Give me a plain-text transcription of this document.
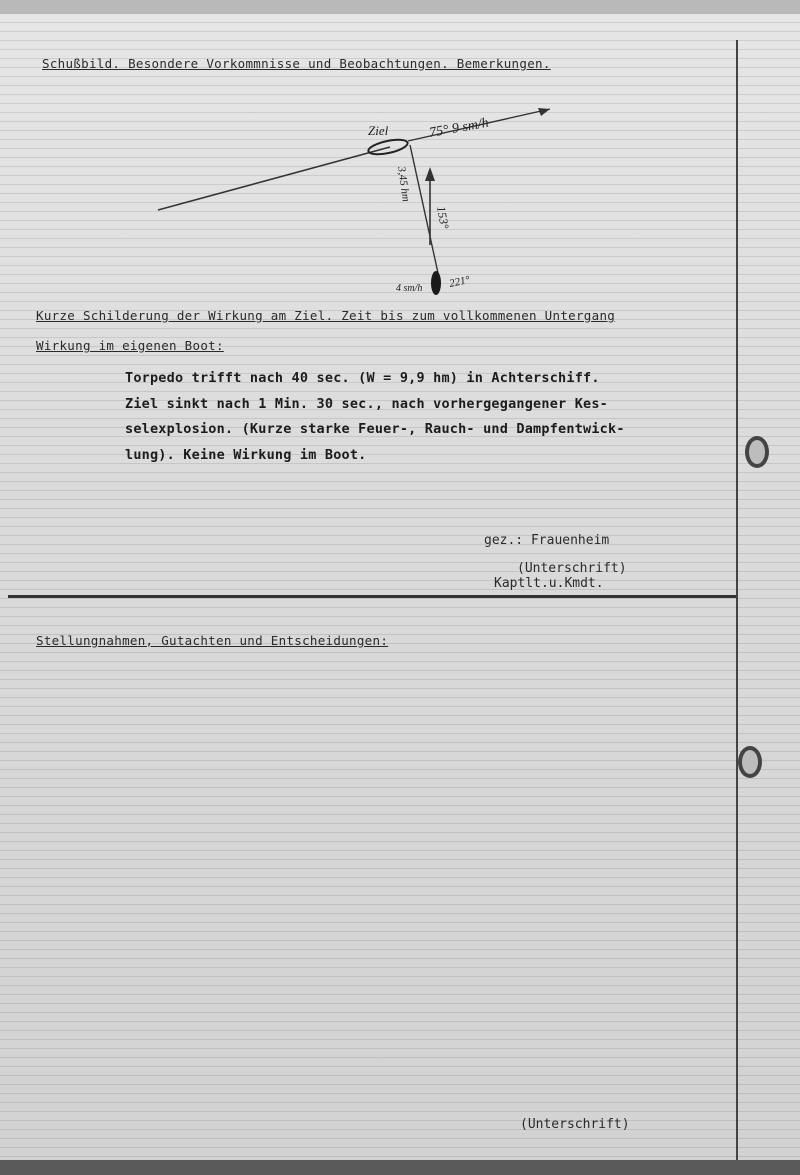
Schußbild. Besondere Vorkommnisse und Beobachtungen. Bemerkungen.
Ziel	75° 9 sm/h
153°
3,45 hm
4 sm/h 221°
Kurze Schilderung der Wirkung am Ziel. Zeit bis zum vollkommenen Untergang
Wirkung im eigenen Boot:
Torpedo trifft nach 40 sec. (W = 9,9 hm) in Achterschiff.
Ziel sinkt nach 1 Min. 30 sec., nach vorhergegangener Kes-
selexplosion. (Kurze starke Feuer-, Rauch- und Dampfentwick-
lung). Keine Wirkung im Boot.
gez.: Frauenheim
(Unterschrift)
Kaptlt.u.Kmdt.
Stellungnahmen, Gutachten und Entscheidungen:
(Unterschrift)
